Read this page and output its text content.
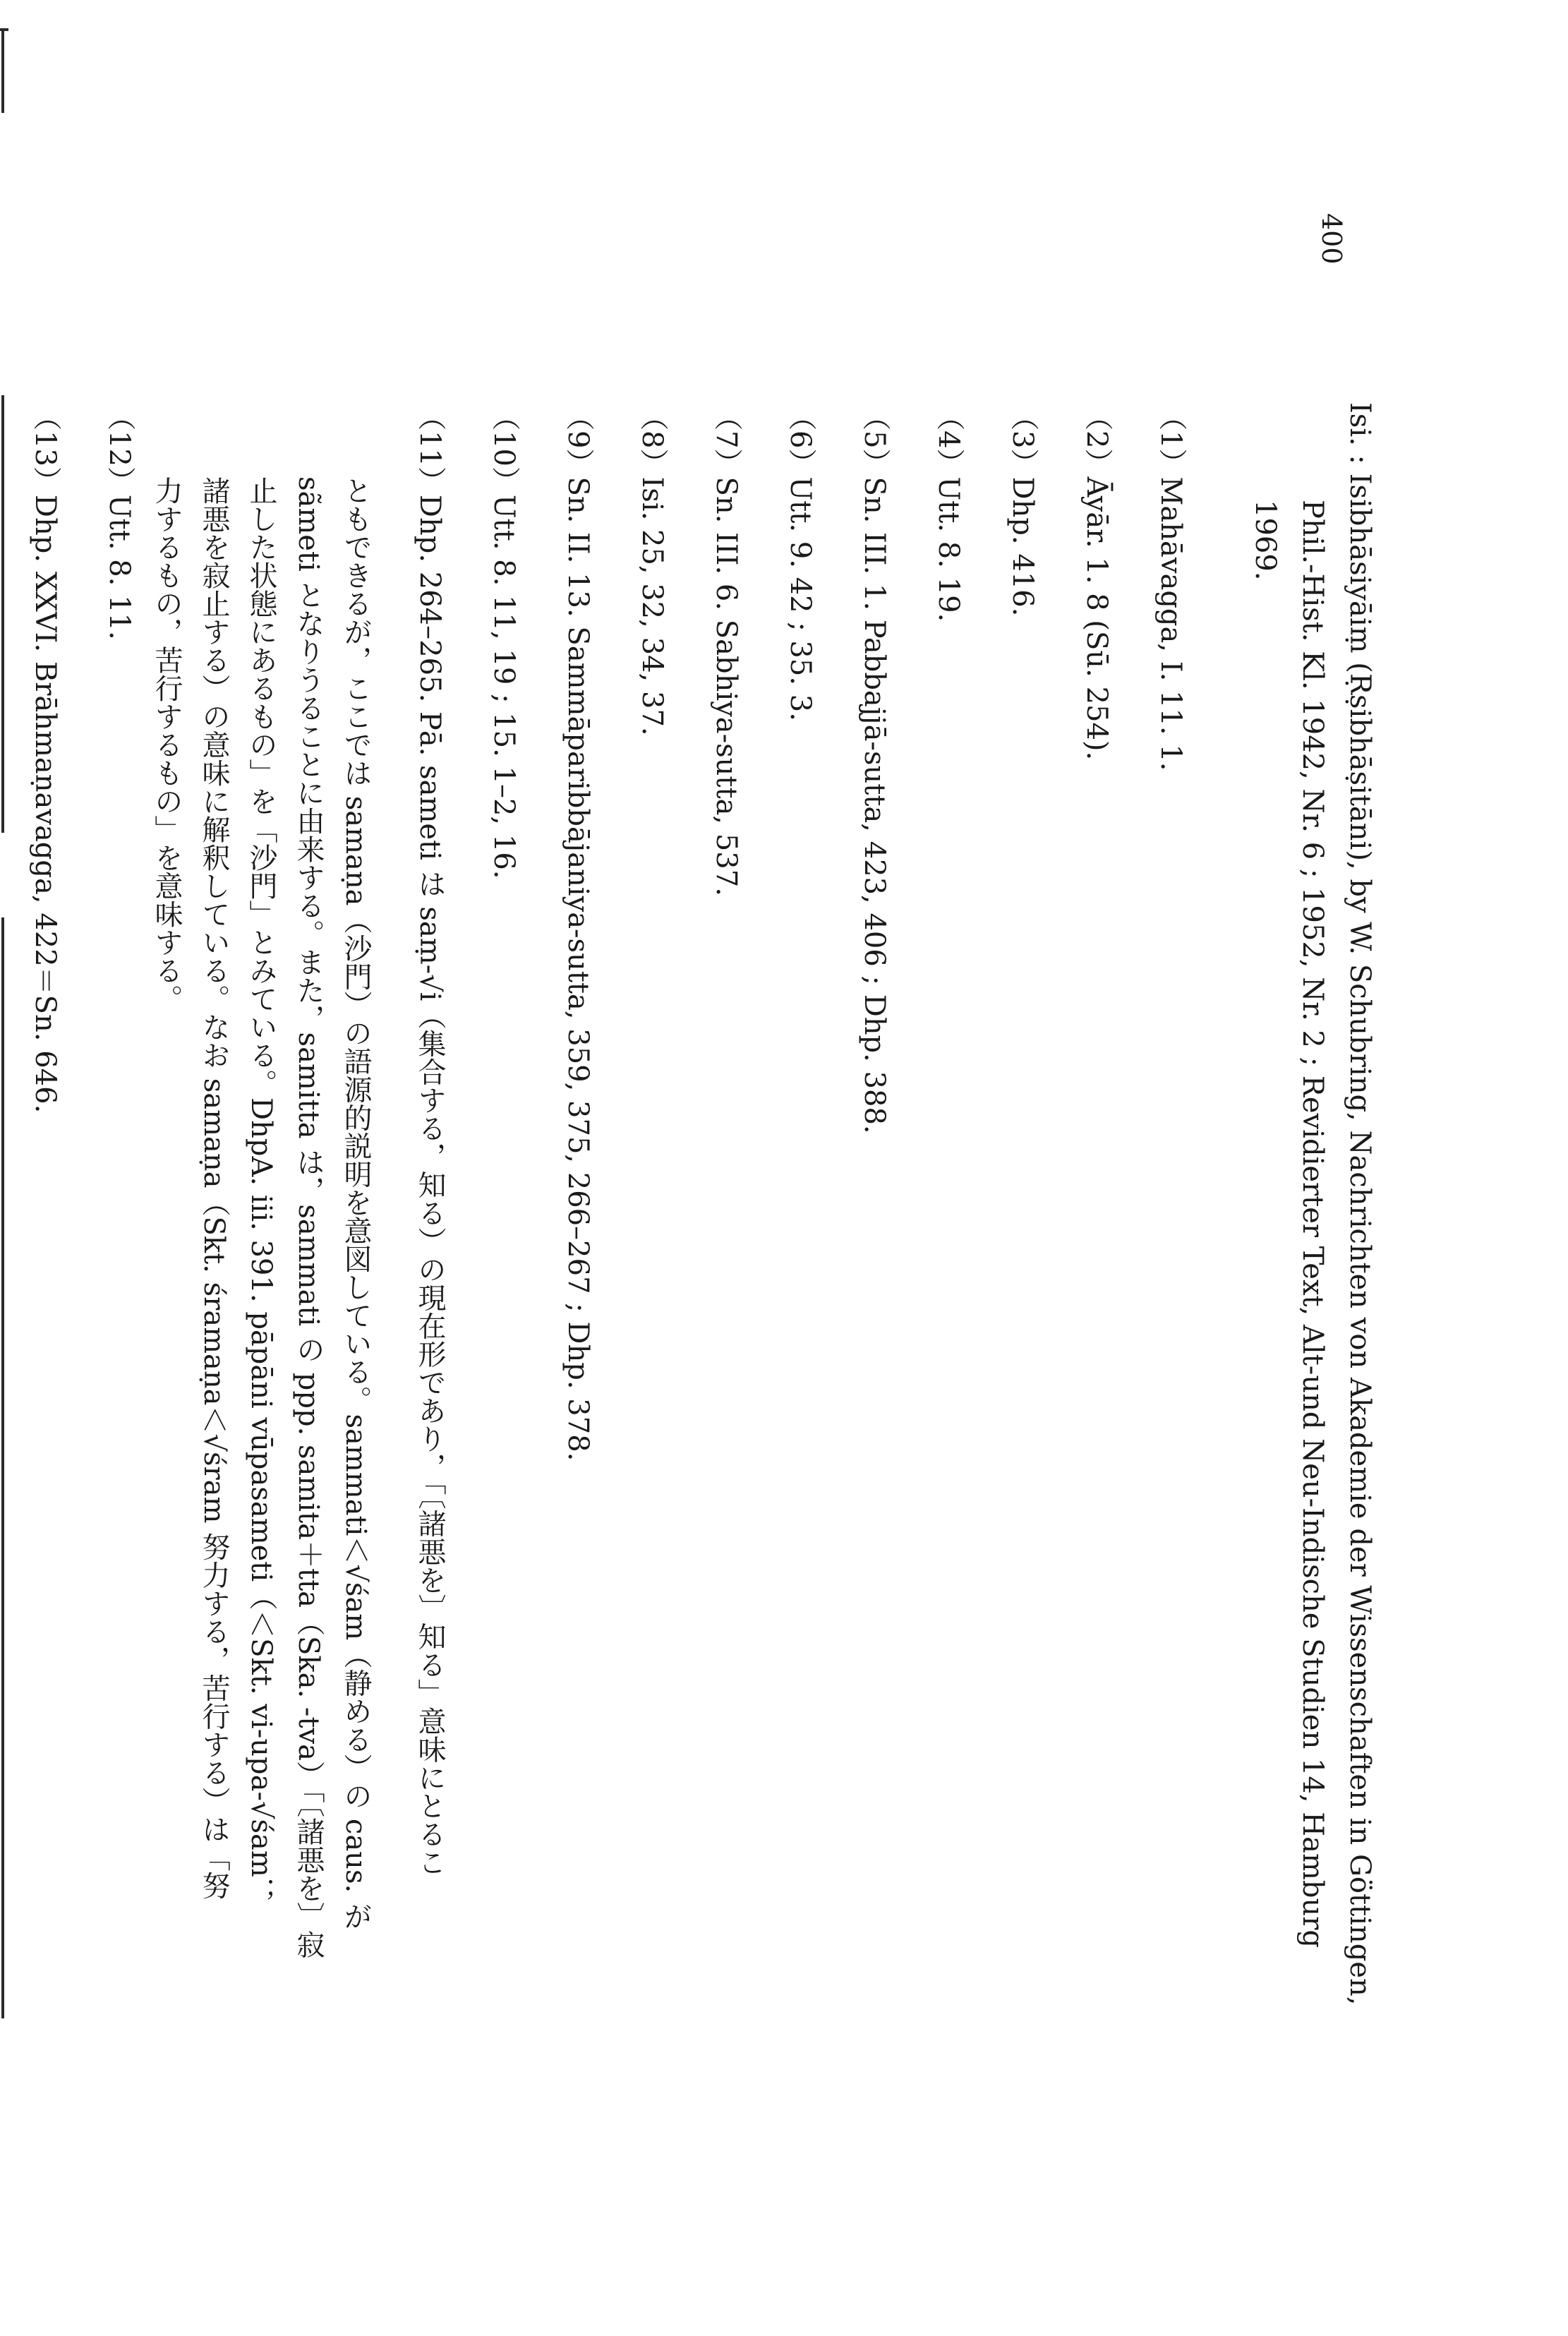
400
Isi. : Isibhāsiyāiṃ (Ṛṣibhāṣitāni), by W. Schubring, Nachrichten von Akademie der Wissenschaften in Göttingen,
Phil.-Hist. Kl. 1942, Nr. 6 ; 1952, Nr. 2 ; Revidierter Text, Alt-und Neu-Indische Studien 14, Hamburg
1969.
（1）Mahāvagga, I. 11. 1.
（2）Āyār. 1. 8 (Sū. 254).
（3）Dhp. 416.
（4）Utt. 8. 19.
（5）Sn. III. 1. Pabbajjā-sutta, 423, 406 ; Dhp. 388.
（6）Utt. 9. 42 ; 35. 3.
（7）Sn. III. 6. Sabhiya-sutta, 537.
（8）Isi. 25, 32, 34, 37.
（9）Sn. II. 13. Sammāparibbājaniya-sutta, 359, 375, 266–267 ; Dhp. 378.
（10）Utt. 8. 11, 19 ; 15. 1–2, 16.
（11）Dhp. 264–265. Pā. sameti は saṃ-√i（集合する，知る）の現在形であり，「〔諸悪を〕知る」意味にとるこ
ともできるが，ここでは samaṇa（沙門）の語源的説明を意図している。sammati＜√śam（静める）の caus. が
sãmeti となりうることに由来する。また，samitta は，sammati の ppp. samita＋tta（Ska. -tva）「〔諸悪を〕寂
止した状態にあるもの」を「沙門」とみている。DhpA. iii. 391. pāpāni vūpasameti（＜Skt. vi-upa-√śam；
諸悪を寂止する）の意味に解釈している。なお samaṇa（Skt. śramaṇa＜√śram 努力する，苦行する）は「努
力するもの，苦行するもの」を意味する。
（12）Utt. 8. 11.
（13）Dhp. XXVI. Brāhmaṇavagga, 422＝Sn. 646.
